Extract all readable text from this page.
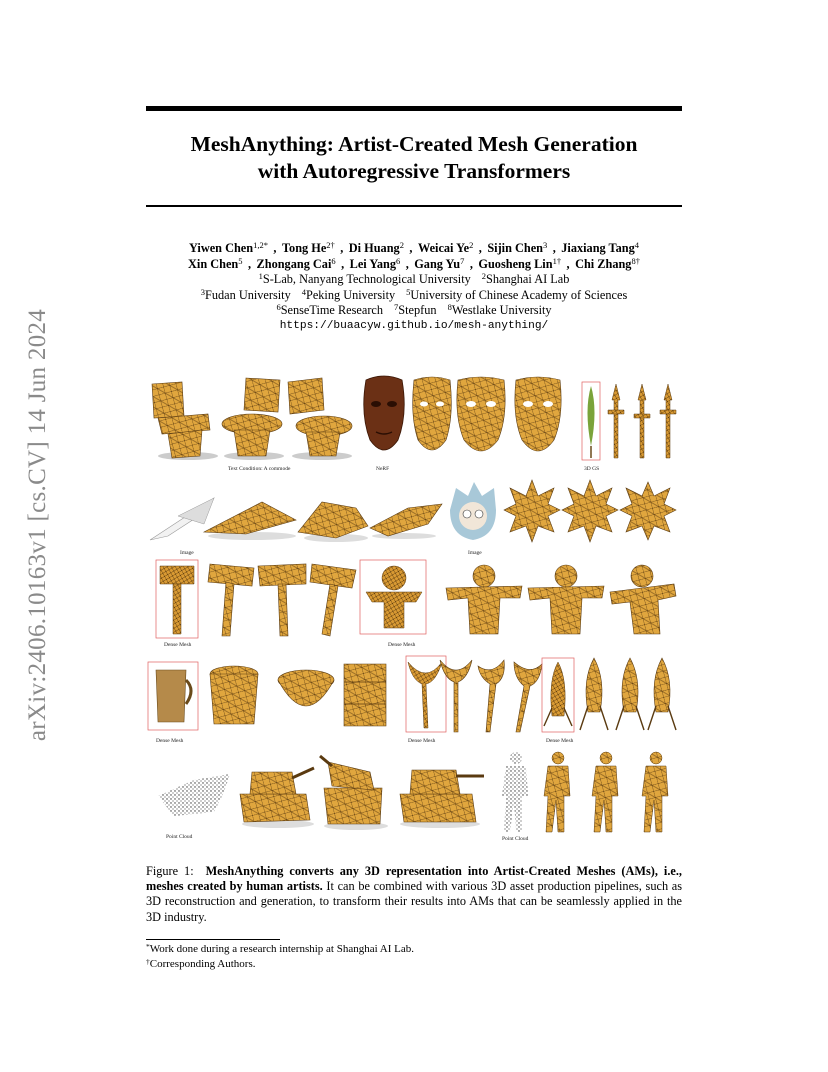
arXiv:2406.10163v1 [cs.CV] 14 Jun 2024
MeshAnything: Artist-Created Mesh Generation
with Autoregressive Transformers
Yiwen Chen$^{1,2*}$ , Tong $He^{2\dagger}$ , Di Huang$^2$ , Weicai Ye$^2$ , Sijin Chen$^3$ , Jiaxiang Tang$^4$
Xin Chen$^5$ , Zhongang Cai$^6$ , Lei Yang$^6$ , Gang Yu$^7$ , Guosheng Lin$^{1\dagger}$ , Chi Zhang$^{8\dagger}$
$^1$S-Lab, Nanyang Technological University $^2$Shanghai AI Lab
$^3$Fudan University $^4$Peking University $^5$University of Chinese Academy of Sciences
$^6$SenseTime Research $^7$Stepfun $^8$Westlake University
https://buaacyw.github.io/mesh-anything/
Text Condition: A commode	NeRF	3D GS
Image	Image
Dense Mesh	Dense Mesh
Dense Mesh	Dense Mesh	Dense Mesh
Point Cloud	Point Cloud
Figure 1: MeshAnything converts any 3D representation into Artist-Created Meshes (AMs), i.e., meshes created by human artists. It can be combined with various 3D asset production pipelines, such as 3D reconstruction and generation, to transform their results into AMs that can be seamlessly applied in the 3D industry.
*Work done during a research internship at Shanghai AI Lab.
†Corresponding Authors.
